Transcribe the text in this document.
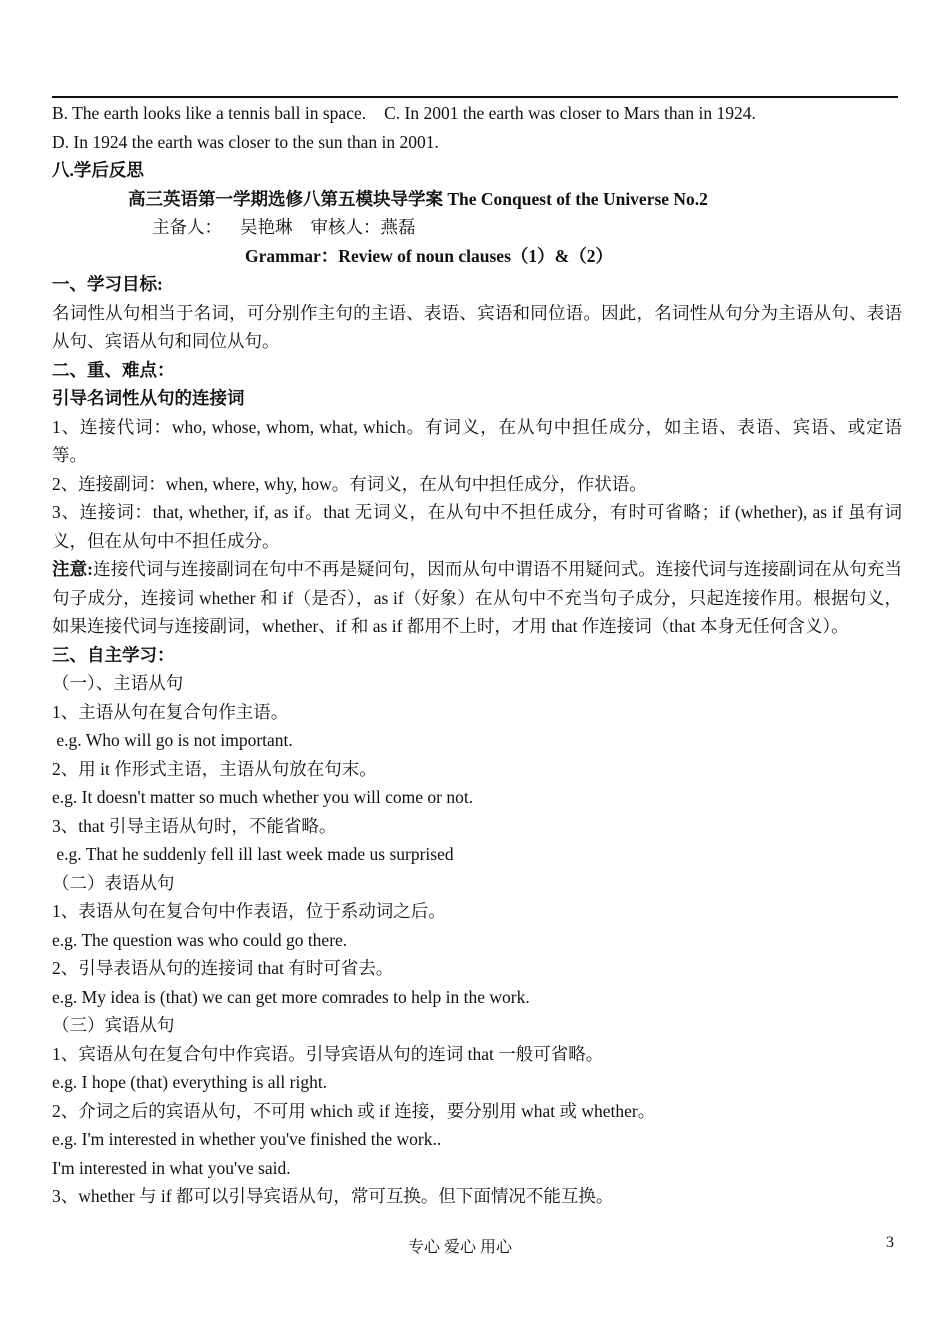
B. The earth looks like a tennis ball in space. C. In 2001 the earth was closer to Mars than in 1924.
D. In 1924 the earth was closer to the sun than in 2001.
八.学后反思
高三英语第一学期选修八第五模块导学案 The Conquest of the Universe No.2
主备人： 吴艳琳 审核人：燕磊
Grammar：Review of noun clauses（1）&（2）
一、学习目标:
名词性从句相当于名词，可分别作主句的主语、表语、宾语和同位语。因此，名词性从句分为主语从句、表语从句、宾语从句和同位从句。
二、重、难点：
引导名词性从句的连接词
1、连接代词：who, whose, whom, what, which。有词义，在从句中担任成分，如主语、表语、宾语、或定语等。
2、连接副词：when, where, why, how。有词义，在从句中担任成分，作状语。
3、连接词：that, whether, if, as if。that 无词义，在从句中不担任成分，有时可省略；if (whether), as if 虽有词义，但在从句中不担任成分。
注意:连接代词与连接副词在句中不再是疑问句，因而从句中谓语不用疑问式。连接代词与连接副词在从句充当句子成分，连接词 whether 和 if（是否），as if（好象）在从句中不充当句子成分，只起连接作用。根据句义，如果连接代词与连接副词，whether、if 和 as if 都用不上时，才用 that 作连接词（that 本身无任何含义）。
三、自主学习：
（一）、主语从句
1、主语从句在复合句作主语。
e.g. Who will go is not important.
2、用 it 作形式主语，主语从句放在句末。
e.g. It doesn't matter so much whether you will come or not.
3、that 引导主语从句时，不能省略。
e.g. That he suddenly fell ill last week made us surprised
（二）表语从句
1、表语从句在复合句中作表语，位于系动词之后。
e.g. The question was who could go there.
2、引导表语从句的连接词 that 有时可省去。
e.g. My idea is (that) we can get more comrades to help in the work.
（三）宾语从句
1、宾语从句在复合句中作宾语。引导宾语从句的连词 that 一般可省略。
e.g. I hope (that) everything is all right.
2、介词之后的宾语从句，不可用 which 或 if 连接，要分别用 what 或 whether。
e.g. I'm interested in whether you've finished the work..
I'm interested in what you've said.
3、whether 与 if 都可以引导宾语从句，常可互换。但下面情况不能互换。
专心 爱心 用心	3
